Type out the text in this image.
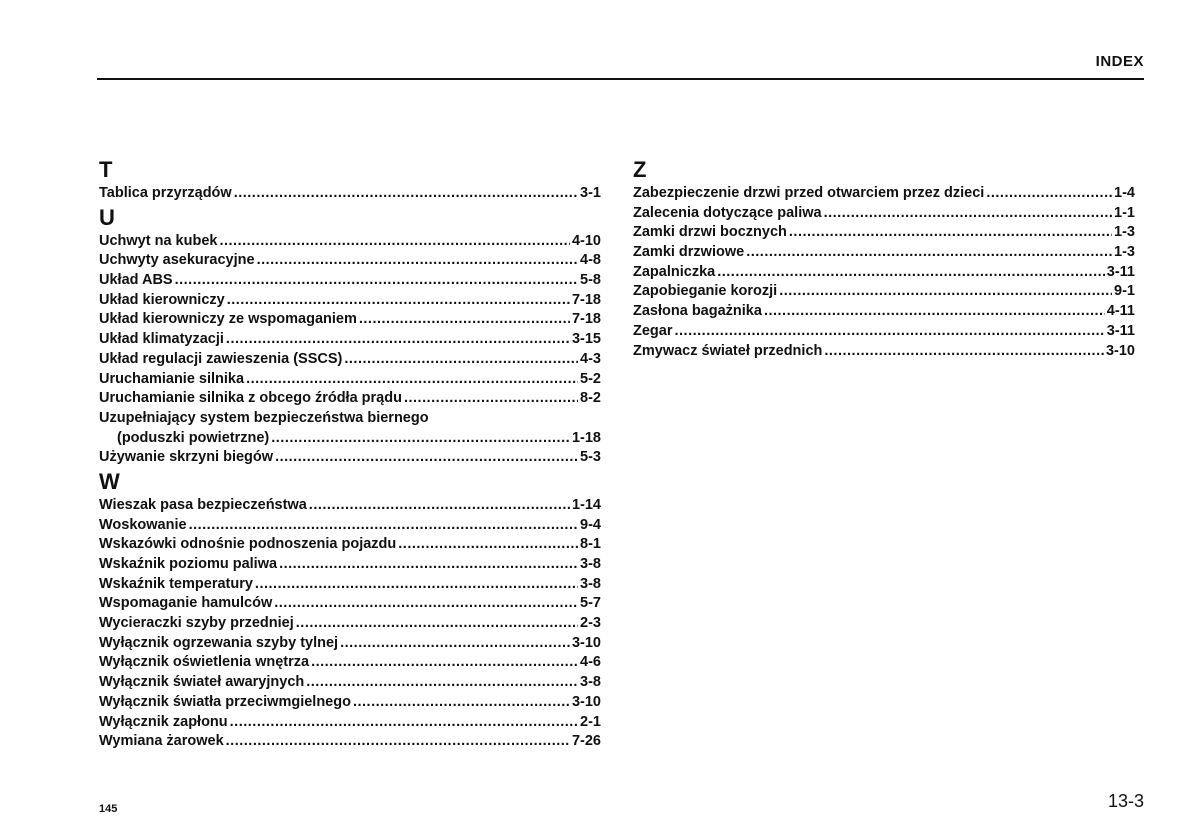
INDEX
T
Tablica przyrządów .....	3-1
U
Uchwyt na kubek .....	4-10
Uchwyty asekuracyjne .....	4-8
Układ ABS .....	5-8
Układ kierowniczy .....	7-18
Układ kierowniczy ze wspomaganiem .....	7-18
Układ klimatyzacji .....	3-15
Układ regulacji zawieszenia (SSCS) .....	4-3
Uruchamianie silnika .....	5-2
Uruchamianie silnika z obcego źródła prądu .....	8-2
Uzupełniający system bezpieczeństwa biernego
(poduszki powietrzne) .....	1-18
Używanie skrzyni biegów .....	5-3
W
Wieszak pasa bezpieczeństwa .....	1-14
Woskowanie .....	9-4
Wskazówki odnośnie podnoszenia pojazdu .....	8-1
Wskaźnik poziomu paliwa .....	3-8
Wskaźnik temperatury .....	3-8
Wspomaganie hamulców .....	5-7
Wycieraczki szyby przedniej .....	2-3
Wyłącznik ogrzewania szyby tylnej .....	3-10
Wyłącznik oświetlenia wnętrza .....	4-6
Wyłącznik świateł awaryjnych .....	3-8
Wyłącznik światła przeciwmgielnego .....	3-10
Wyłącznik zapłonu .....	2-1
Wymiana żarowek .....	7-26
Z
Zabezpieczenie drzwi przed otwarciem przez dzieci .....	1-4
Zalecenia dotyczące paliwa .....	1-1
Zamki drzwi bocznych .....	1-3
Zamki drzwiowe .....	1-3
Zapalniczka .....	3-11
Zapobieganie korozji .....	9-1
Zasłona bagażnika .....	4-11
Zegar .....	3-11
Zmywacz świateł przednich .....	3-10
145	13-3
